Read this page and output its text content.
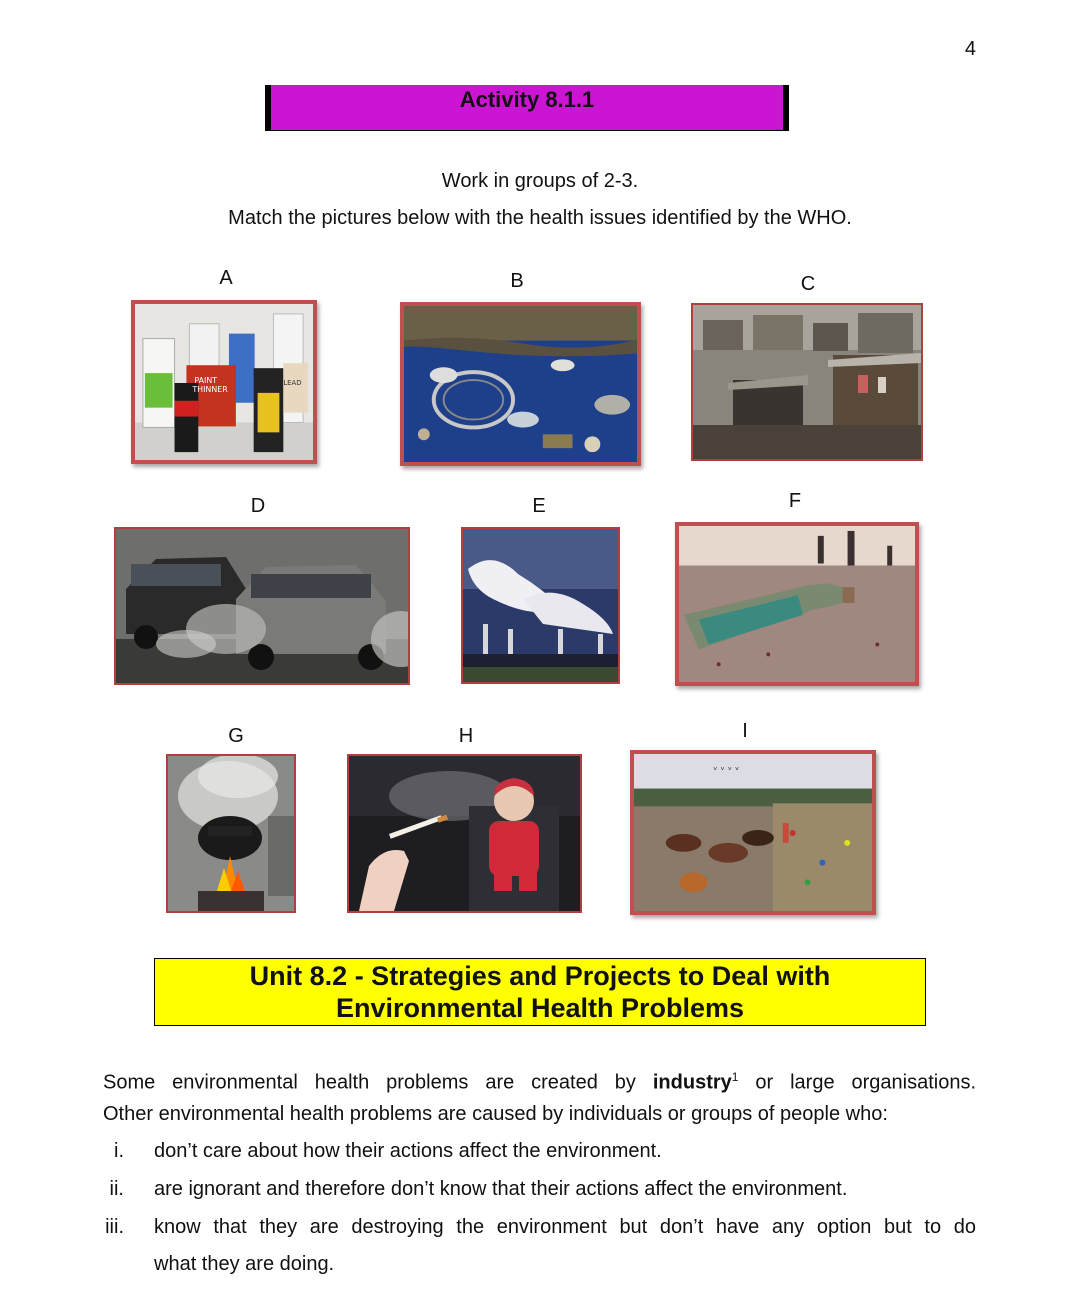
4
Activity 8.1.1
Work in groups of 2-3.
Match the pictures below with the health issues identified by the WHO.
A	B	C
PAINT
THINNER
LEAD
D	E	F
G	H	I
ᵛ ᵛ ᵛ ᵛ
Unit 8.2 - Strategies and Projects to Deal with
Environmental Health Problems
Some environmental health problems are created by industry$^1$ or large organisations.
Other environmental health problems are caused by individuals or groups of people who:
i. don’t care about how their actions affect the environment.
ii. are ignorant and therefore don’t know that their actions affect the environment.
iii. know that they are destroying the environment but don’t have any option but to do
what they are doing.
